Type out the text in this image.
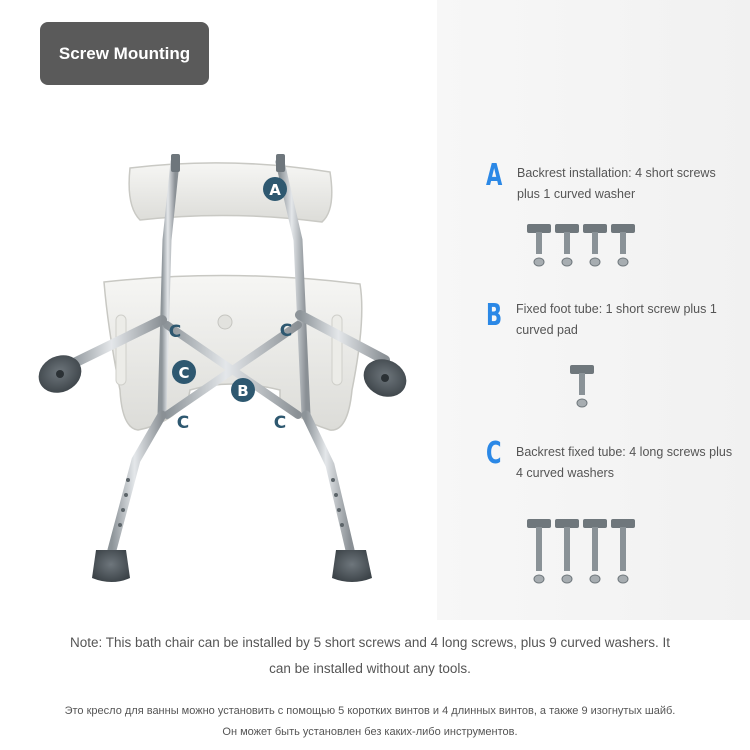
Screw Mounting
A
B
C
C	C
C	C
A Backrest installation: 4 short screws plus 1 curved washer
B Fixed foot tube: 1 short screw plus 1 curved pad
C Backrest fixed tube: 4 long screws plus 4 curved washers
Note: This bath chair can be installed by 5 short screws and 4 long screws, plus 9 curved washers. It can be installed without any tools.
Это кресло для ванны можно установить с помощью 5 коротких винтов и 4 длинных винтов, а также 9 изогнутых шайб. Он может быть установлен без каких-либо инструментов.
